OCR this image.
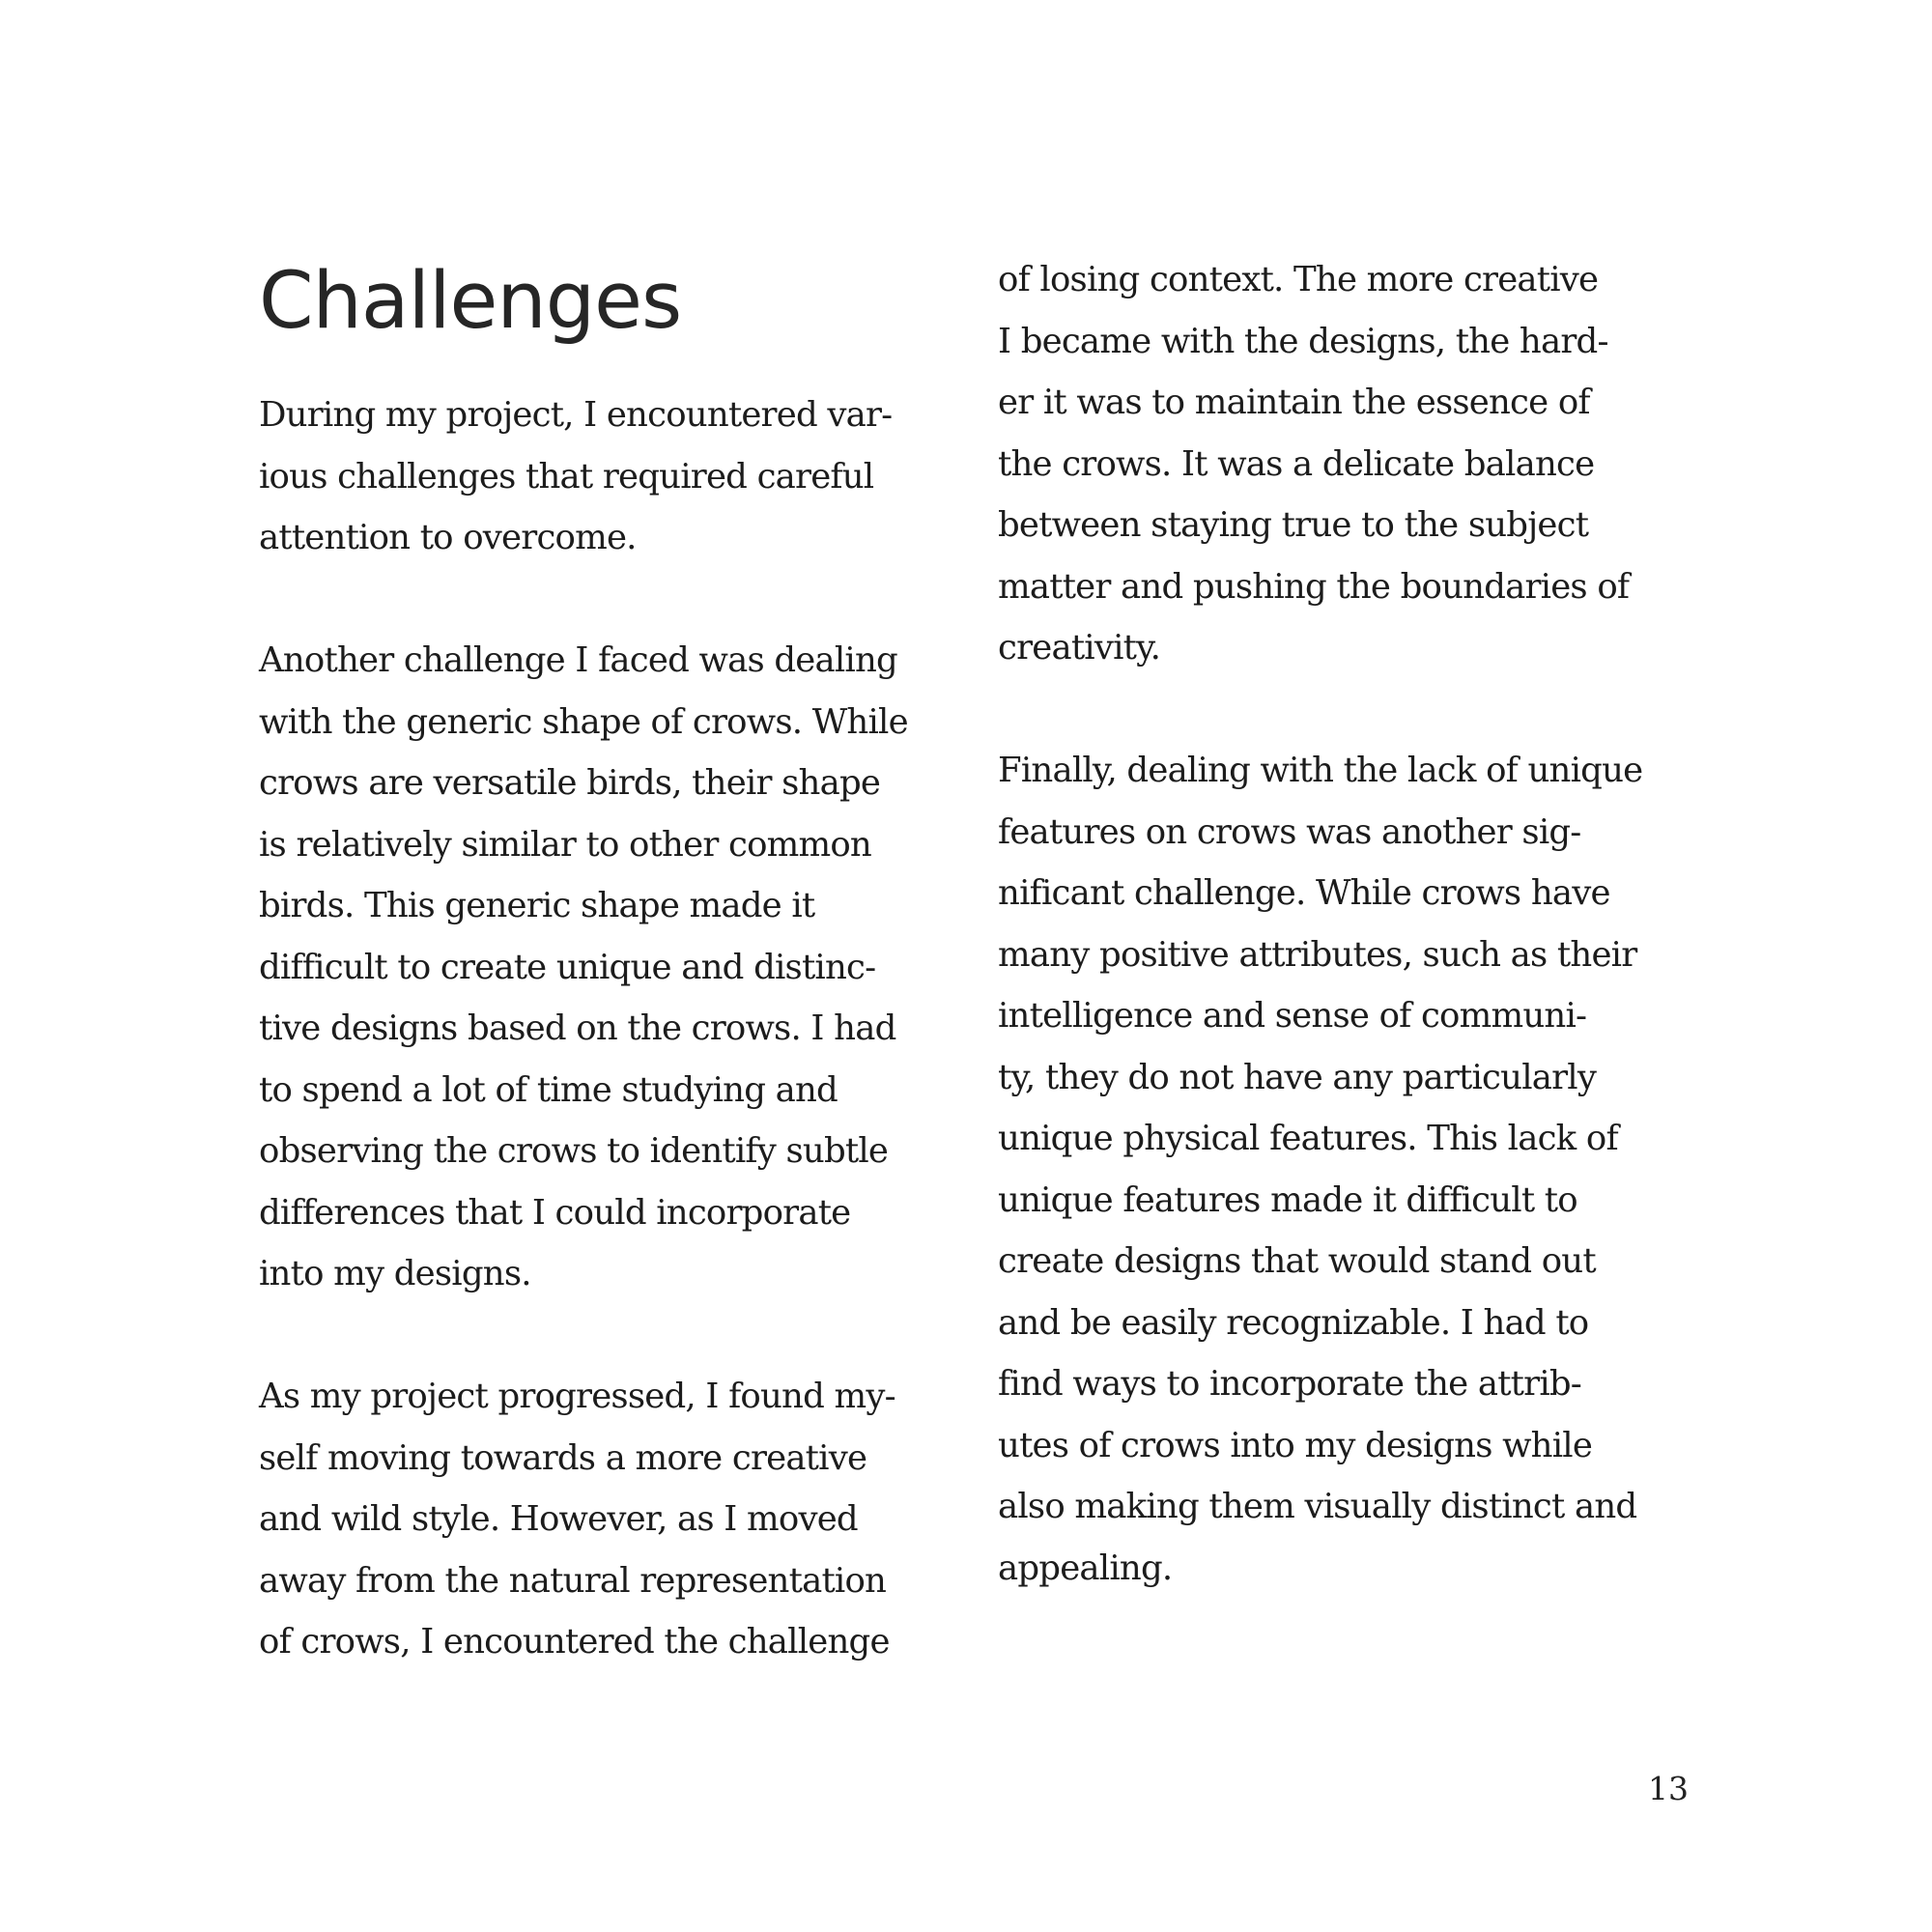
Challenges
During my project, I encountered var-
ious challenges that required careful
attention to overcome.
Another challenge I faced was dealing
with the generic shape of crows. While
crows are versatile birds, their shape
is relatively similar to other common
birds. This generic shape made it
difficult to create unique and distinc-
tive designs based on the crows. I had
to spend a lot of time studying and
observing the crows to identify subtle
differences that I could incorporate
into my designs.
As my project progressed, I found my-
self moving towards a more creative
and wild style. However, as I moved
away from the natural representation
of crows, I encountered the challenge
of losing context. The more creative
I became with the designs, the hard-
er it was to maintain the essence of
the crows. It was a delicate balance
between staying true to the subject
matter and pushing the boundaries of
creativity.
Finally, dealing with the lack of unique
features on crows was another sig-
nificant challenge. While crows have
many positive attributes, such as their
intelligence and sense of communi-
ty, they do not have any particularly
unique physical features. This lack of
unique features made it difficult to
create designs that would stand out
and be easily recognizable. I had to
find ways to incorporate the attrib-
utes of crows into my designs while
also making them visually distinct and
appealing.
13
